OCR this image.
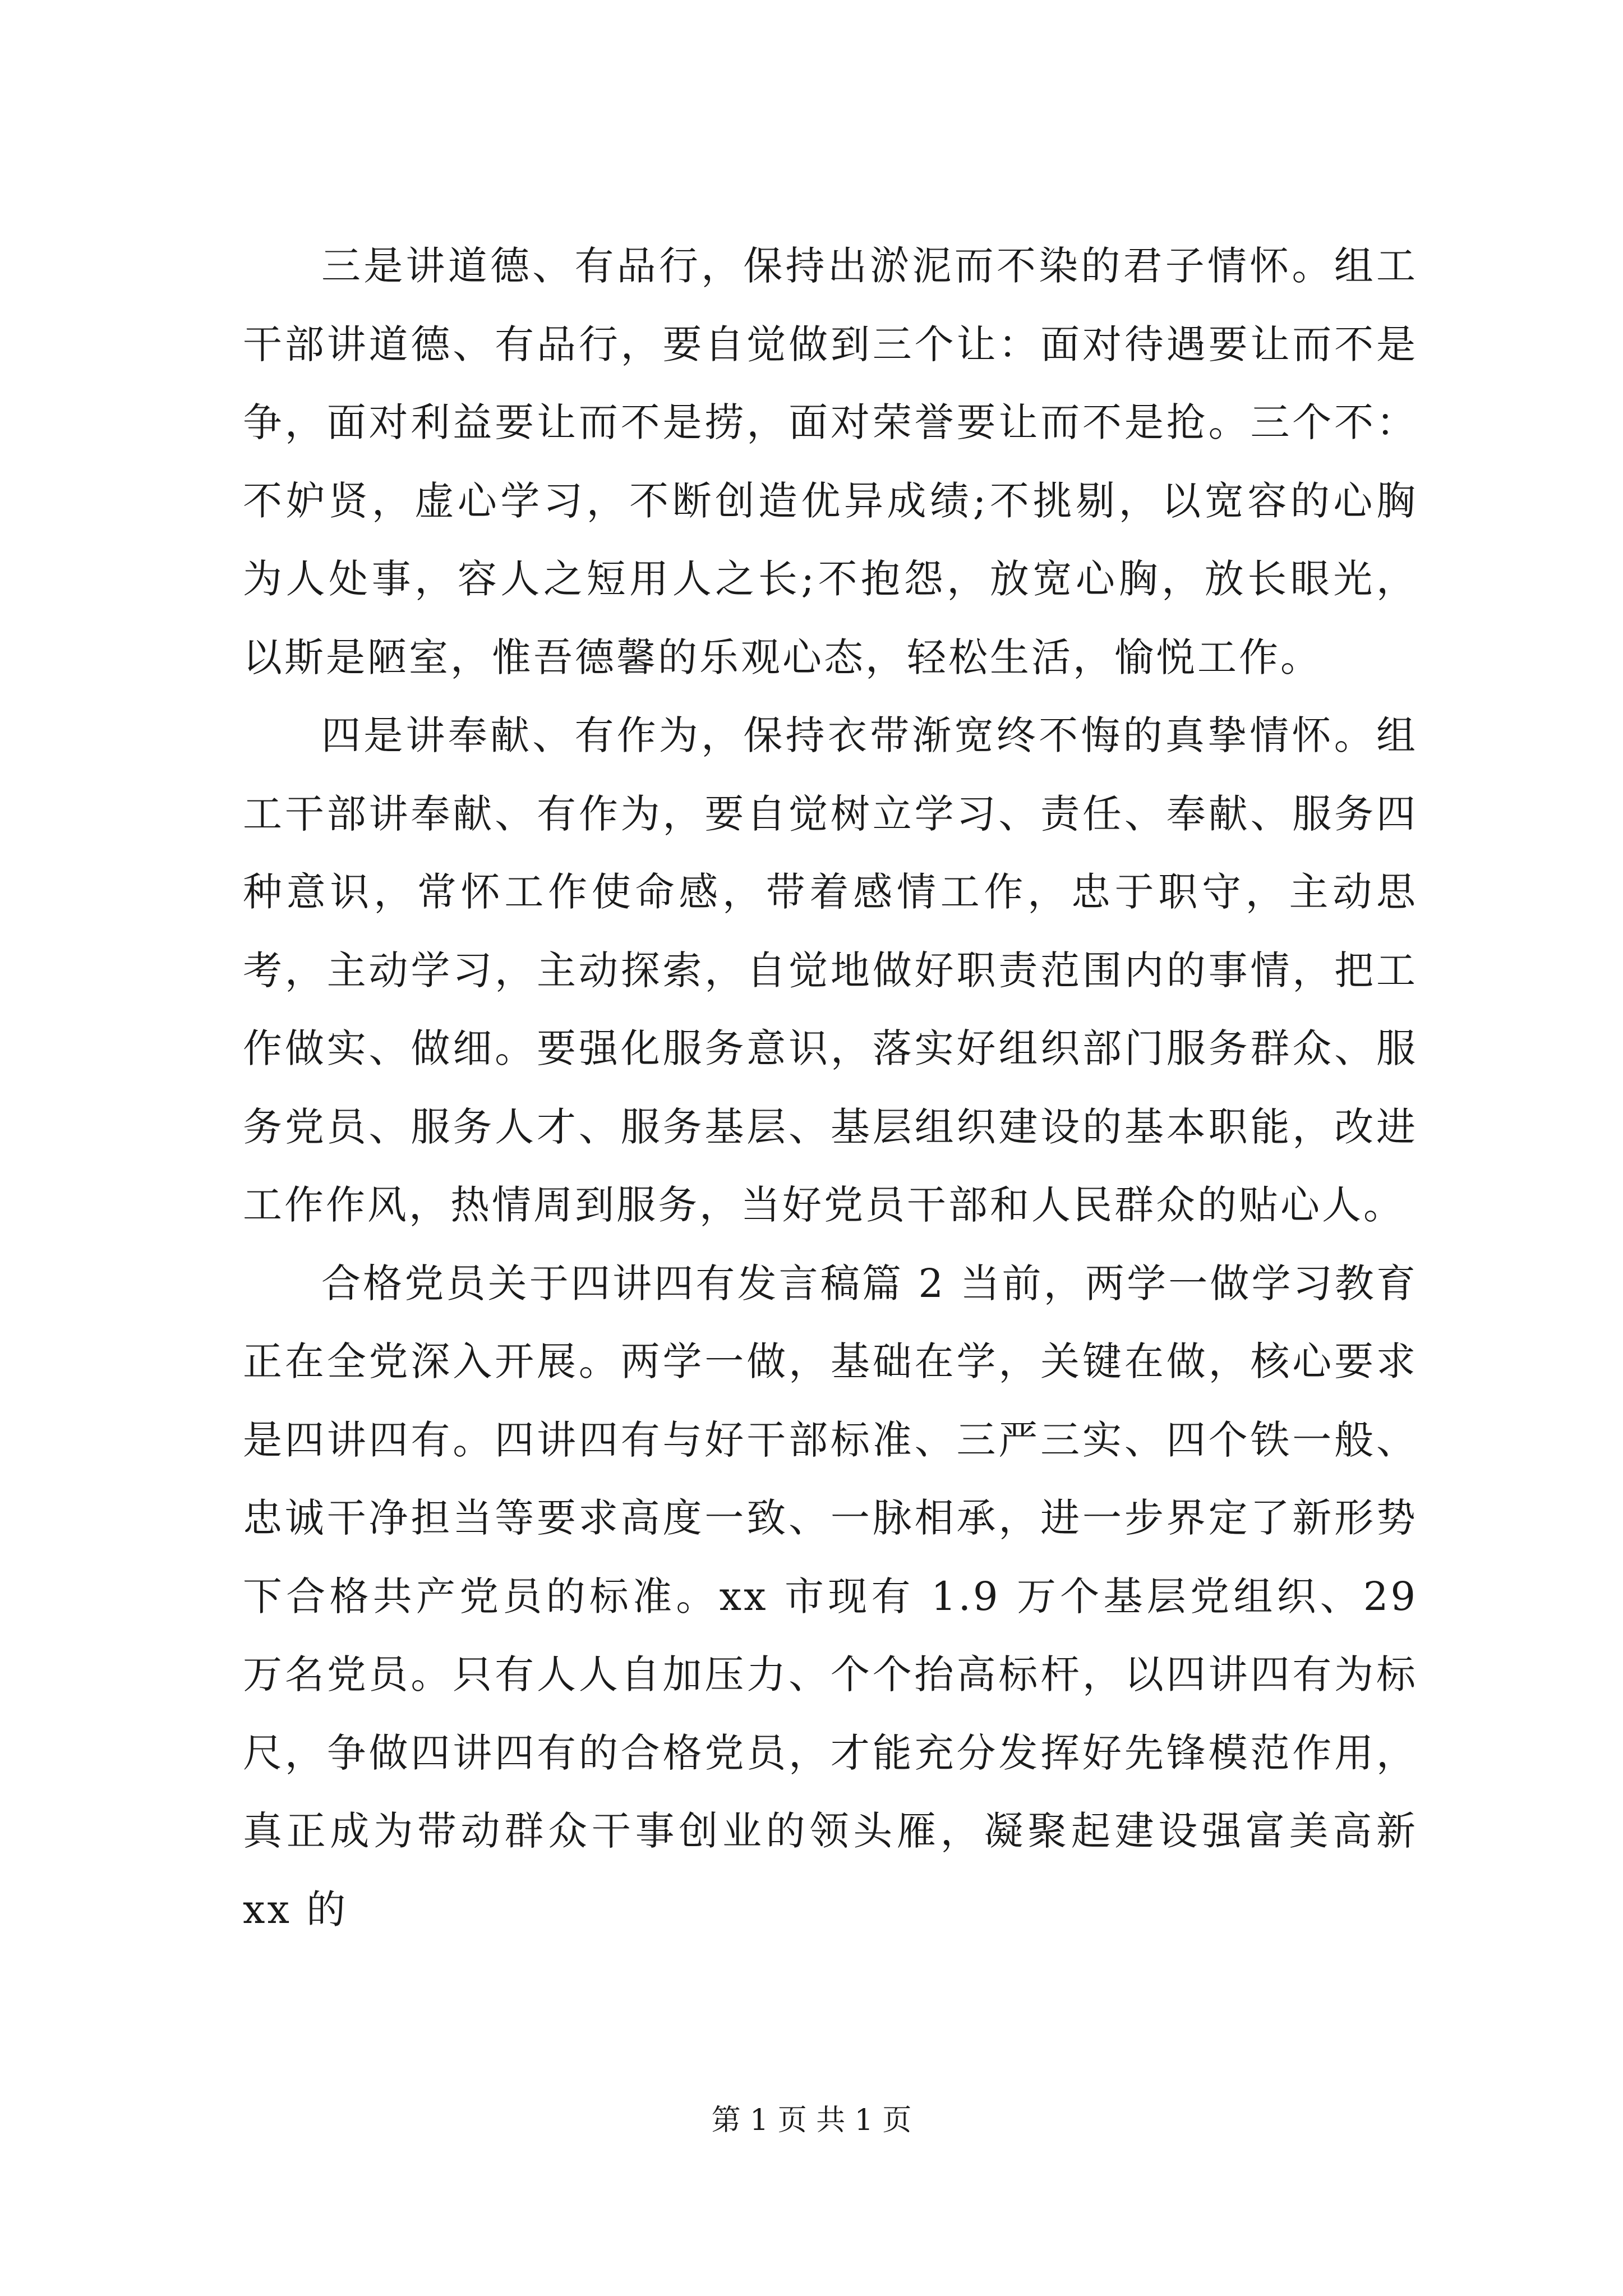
三是讲道德、有品行，保持出淤泥而不染的君子情怀。组工干部讲道德、有品行，要自觉做到三个让：面对待遇要让而不是争，面对利益要让而不是捞，面对荣誉要让而不是抢。三个不：不妒贤，虚心学习，不断创造优异成绩;不挑剔，以宽容的心胸为人处事，容人之短用人之长;不抱怨，放宽心胸，放长眼光，以斯是陋室，惟吾德馨的乐观心态，轻松生活，愉悦工作。

四是讲奉献、有作为，保持衣带渐宽终不悔的真挚情怀。组工干部讲奉献、有作为，要自觉树立学习、责任、奉献、服务四种意识，常怀工作使命感，带着感情工作，忠于职守，主动思考，主动学习，主动探索，自觉地做好职责范围内的事情，把工作做实、做细。要强化服务意识，落实好组织部门服务群众、服务党员、服务人才、服务基层、基层组织建设的基本职能，改进工作作风，热情周到服务，当好党员干部和人民群众的贴心人。

合格党员关于四讲四有发言稿篇 2 当前，两学一做学习教育正在全党深入开展。两学一做，基础在学，关键在做，核心要求是四讲四有。四讲四有与好干部标准、三严三实、四个铁一般、忠诚干净担当等要求高度一致、一脉相承，进一步界定了新形势下合格共产党员的标准。xx 市现有 1.9 万个基层党组织、29 万名党员。只有人人自加压力、个个抬高标杆，以四讲四有为标尺，争做四讲四有的合格党员，才能充分发挥好先锋模范作用，真正成为带动群众干事创业的领头雁，凝聚起建设强富美高新 xx 的

第 1 页 共 1 页
